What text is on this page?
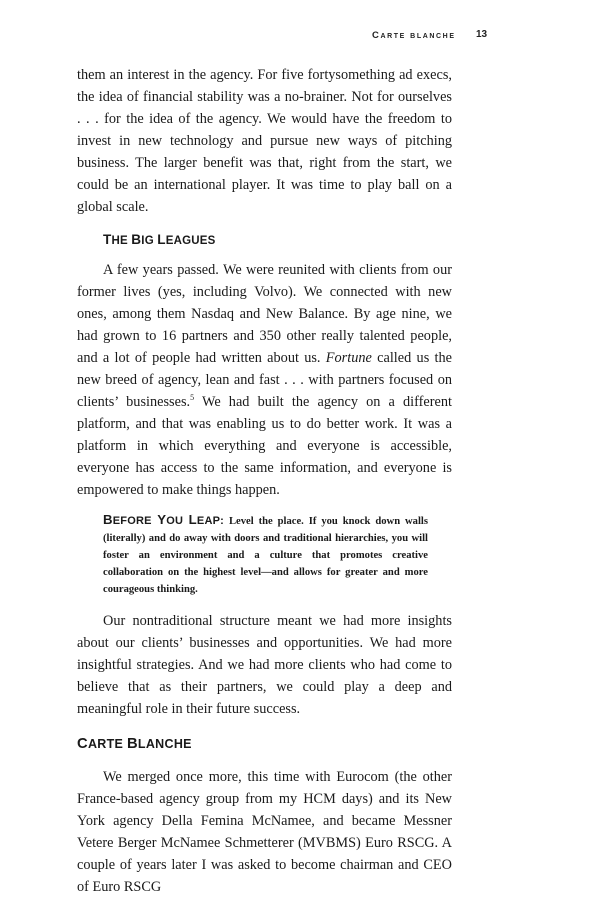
Carte blanche 13

them an interest in the agency. For five fortysomething ad execs, the idea of financial stability was a no-brainer. Not for ourselves . . . for the idea of the agency. We would have the freedom to invest in new technology and pursue new ways of pitching business. The larger benefit was that, right from the start, we could be an international player. It was time to play ball on a global scale.

THE BIG LEAGUES

A few years passed. We were reunited with clients from our former lives (yes, including Volvo). We connected with new ones, among them Nasdaq and New Balance. By age nine, we had grown to 16 partners and 350 other really talented people, and a lot of people had written about us. Fortune called us the new breed of agency, lean and fast . . . with partners focused on clients’ businesses.$^5$ We had built the agency on a different platform, and that was enabling us to do better work. It was a platform in which everything and everyone is accessible, everyone has access to the same information, and everyone is empowered to make things happen.

BEFORE YOU LEAP: Level the place. If you knock down walls (literally) and do away with doors and traditional hierarchies, you will foster an environment and a culture that promotes creative collaboration on the highest level—and allows for greater and more courageous thinking.

Our nontraditional structure meant we had more insights about our clients’ businesses and opportunities. We had more insightful strategies. And we had more clients who had come to believe that as their partners, we could play a deep and meaningful role in their future success.

CARTE BLANCHE

We merged once more, this time with Eurocom (the other France-based agency group from my HCM days) and its New York agency Della Femina McNamee, and became Messner Vetere Berger McNamee Schmetterer (MVBMS) Euro RSCG. A couple of years later I was asked to become chairman and CEO of Euro RSCG
